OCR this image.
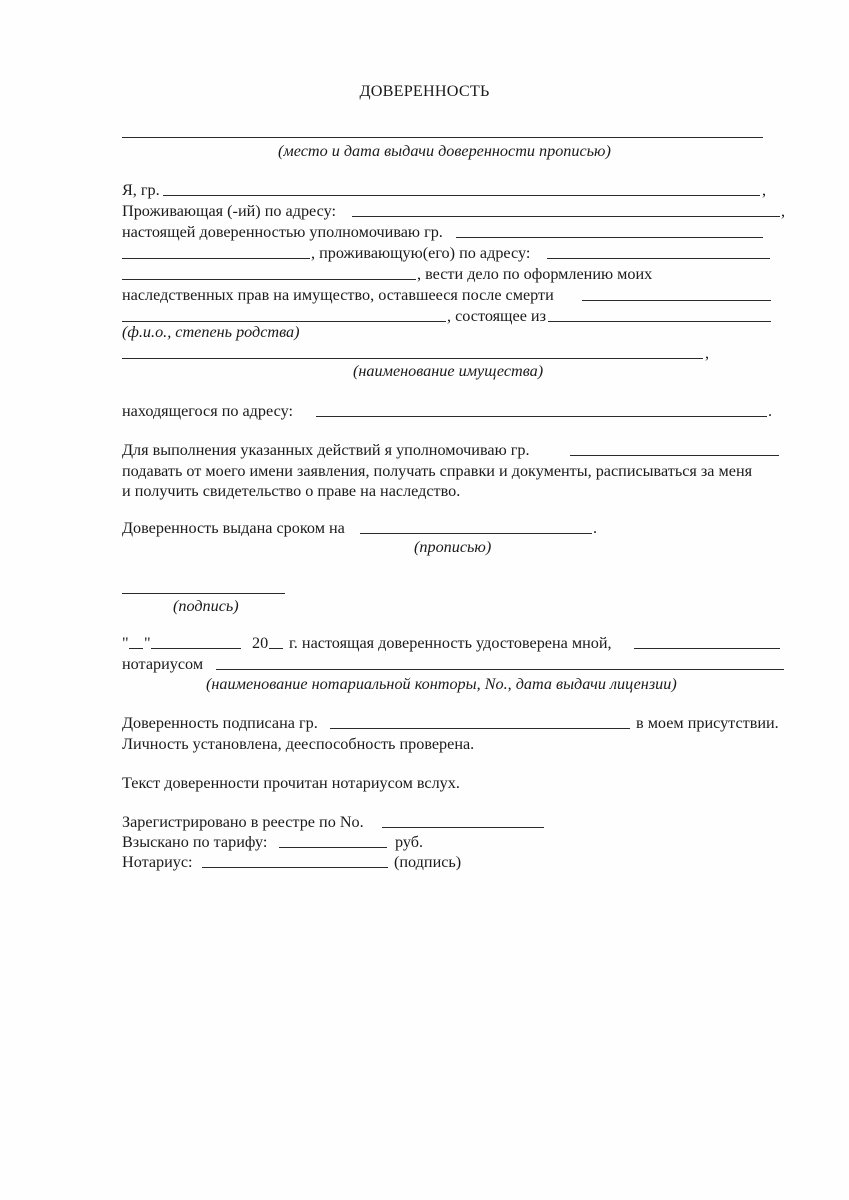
ДОВЕРЕННОСТЬ
(место и дата выдачи доверенности прописью)
Я, гр.	,
Проживающая (-ий) по адресу:	,
настоящей доверенностью уполномочиваю гр.
, проживающую(его) по адресу:
, вести дело по оформлению моих
наследственных прав на имущество, оставшееся после смерти
, состоящее из
(ф.и.о., степень родства)
,
(наименование имущества)
находящегося по адресу:	.
Для выполнения указанных действий я уполномочиваю гр.
подавать от моего имени заявления, получать справки и документы, расписываться за меня
и получить свидетельство о праве на наследство.
Доверенность выдана сроком на	.
(прописью)
(подпись)
" "	20 г. настоящая доверенность удостоверена мной,
нотариусом
(наименование нотариальной конторы, No., дата выдачи лицензии)
Доверенность подписана гр.	в моем присутствии.
Личность установлена, дееспособность проверена.
Текст доверенности прочитан нотариусом вслух.
Зарегистрировано в реестре по No.
Взыскано по тарифу:	руб.
Нотариус:	(подпись)
